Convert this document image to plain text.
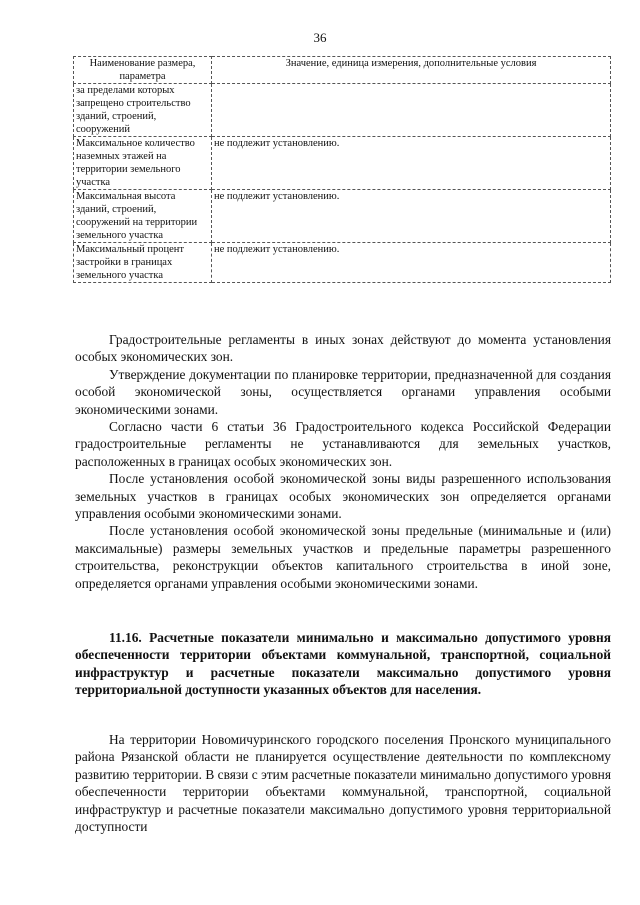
36
Наименование размера, параметра	Значение, единица измерения, дополнительные условия
за пределами которых запрещено строительство зданий, строений, сооружений	
Максимальное количество наземных этажей на территории земельного участка	не подлежит установлению.
Максимальная высота зданий, строений, сооружений на территории земельного участка	не подлежит установлению.
Максимальный процент застройки в границах земельного участка	не подлежит установлению.

Градостроительные регламенты в иных зонах действуют до момента установления особых экономических зон.

Утверждение документации по планировке территории, предназначенной для создания особой экономической зоны, осуществляется органами управления особыми экономическими зонами.

Согласно части 6 статьи 36 Градостроительного кодекса Российской Федерации градостроительные регламенты не устанавливаются для земельных участков, расположенных в границах особых экономических зон.

После установления особой экономической зоны виды разрешенного использования земельных участков в границах особых экономических зон определяется органами управления особыми экономическими зонами.

После установления особой экономической зоны предельные (минимальные и (или) максимальные) размеры земельных участков и предельные параметры разрешенного строительства, реконструкции объектов капитального строительства в иной зоне, определяется органами управления особыми экономическими зонами.

11.16. Расчетные показатели минимально и максимально допустимого уровня обеспеченности территории объектами коммунальной, транспортной, социальной инфраструктур и расчетные показатели максимально допустимого уровня территориальной доступности указанных объектов для населения.

На территории Новомичуринского городского поселения Пронского муниципального района Рязанской области не планируется осуществление деятельности по комплексному развитию территории. В связи с этим расчетные показатели минимально допустимого уровня обеспеченности территории объектами коммунальной, транспортной, социальной инфраструктур и расчетные показатели максимально допустимого уровня территориальной доступности
